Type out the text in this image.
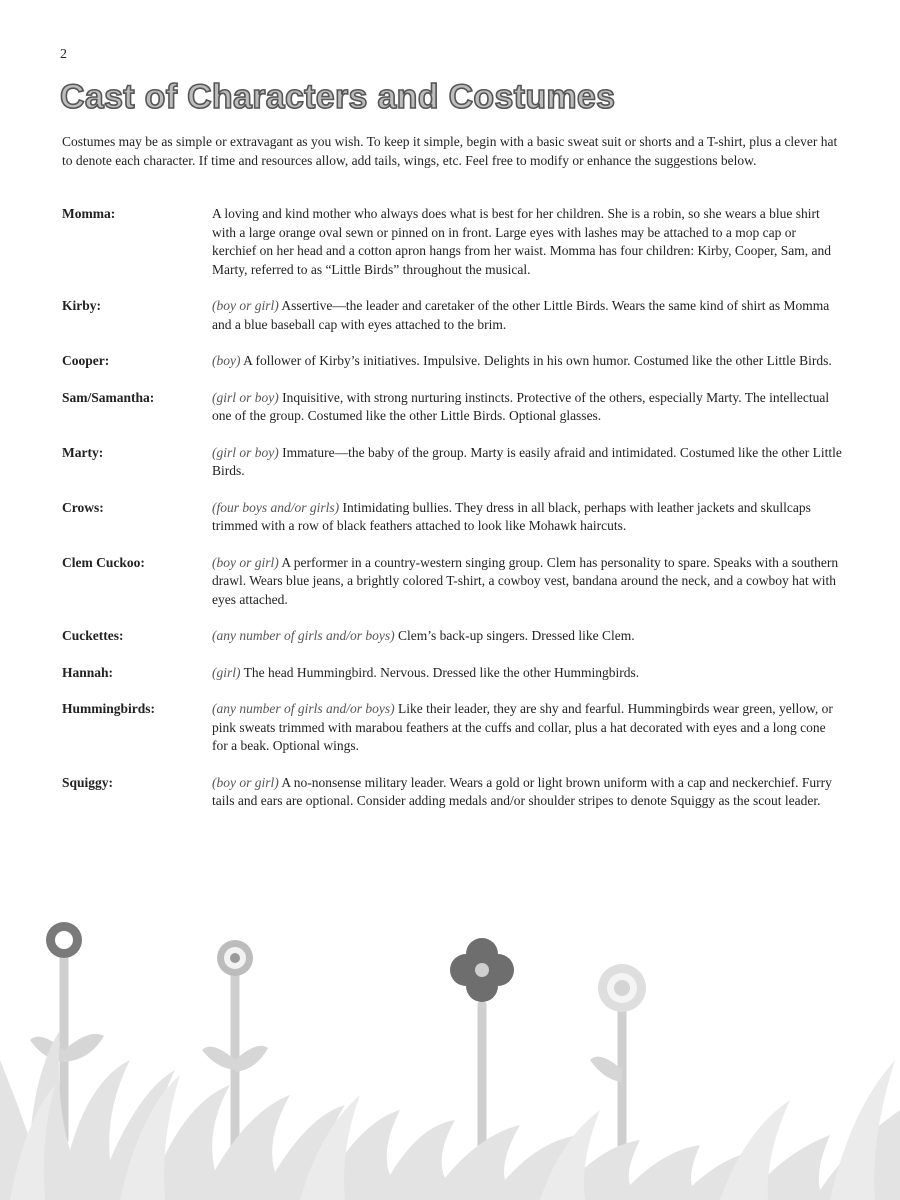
2
Cast of Characters and Costumes

Costumes may be as simple or extravagant as you wish. To keep it simple, begin with a basic sweat suit or shorts and a T-shirt, plus a clever hat to denote each character. If time and resources allow, add tails, wings, etc. Feel free to modify or enhance the suggestions below.

Momma:	A loving and kind mother who always does what is best for her children. She is a robin, so she wears a blue shirt with a large orange oval sewn or pinned on in front. Large eyes with lashes may be attached to a mop cap or kerchief on her head and a cotton apron hangs from her waist. Momma has four children: Kirby, Cooper, Sam, and Marty, referred to as “Little Birds” throughout the musical.
Kirby:	(boy or girl) Assertive—the leader and caretaker of the other Little Birds. Wears the same kind of shirt as Momma and a blue baseball cap with eyes attached to the brim.
Cooper:	(boy) A follower of Kirby’s initiatives. Impulsive. Delights in his own humor. Costumed like the other Little Birds.
Sam/Samantha:	(girl or boy) Inquisitive, with strong nurturing instincts. Protective of the others, especially Marty. The intellectual one of the group. Costumed like the other Little Birds. Optional glasses.
Marty:	(girl or boy) Immature—the baby of the group. Marty is easily afraid and intimidated. Costumed like the other Little Birds.
Crows:	(four boys and/or girls) Intimidating bullies. They dress in all black, perhaps with leather jackets and skullcaps trimmed with a row of black feathers attached to look like Mohawk haircuts.
Clem Cuckoo:	(boy or girl) A performer in a country-western singing group. Clem has personality to spare. Speaks with a southern drawl. Wears blue jeans, a brightly colored T-shirt, a cowboy vest, bandana around the neck, and a cowboy hat with eyes attached.
Cuckettes:	(any number of girls and/or boys) Clem’s back-up singers. Dressed like Clem.
Hannah:	(girl) The head Hummingbird. Nervous. Dressed like the other Hummingbirds.
Hummingbirds:	(any number of girls and/or boys) Like their leader, they are shy and fearful. Hummingbirds wear green, yellow, or pink sweats trimmed with marabou feathers at the cuffs and collar, plus a hat decorated with eyes and a long cone for a beak. Optional wings.
Squiggy:	(boy or girl) A no-nonsense military leader. Wears a gold or light brown uniform with a cap and neckerchief. Furry tails and ears are optional. Consider adding medals and/or shoulder stripes to denote Squiggy as the scout leader.
